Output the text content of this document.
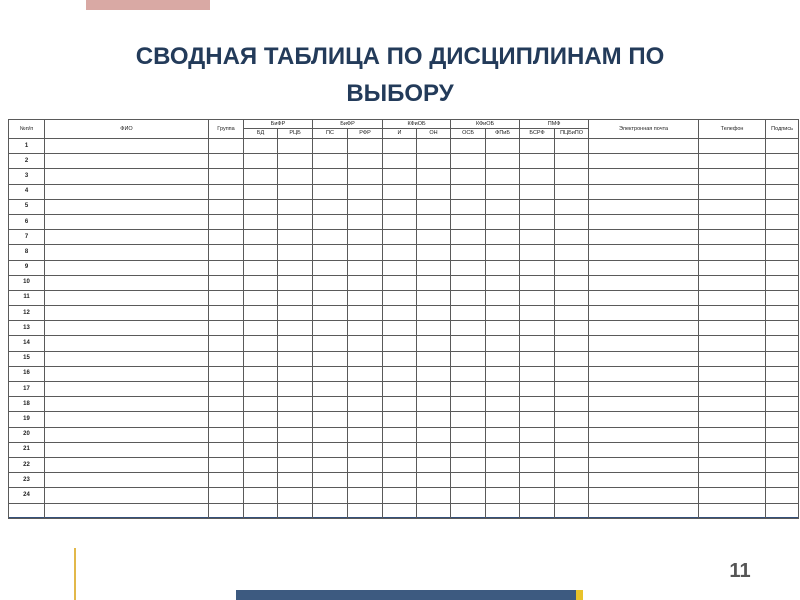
СВОДНАЯ ТАБЛИЦА ПО ДИСЦИПЛИНАМ ПО
ВЫБОРУ
№п/п	ФИО	Группа	БиФР		БиФР		КФиОБ		КФиОБ		ПМФ		Электронная почта	Телефон	Подпись
			БД	РЦБ	ПС	РФР	И	ОН	ОСБ	ФПиБ	БСРФ	ПЦБиПО			
1															
2															
3															
4															
5															
6															
7															
8															
9															
10															
11															
12															
13															
14															
15															
16															
17															
18															
19															
20															
21															
22															
23															
24															

11
